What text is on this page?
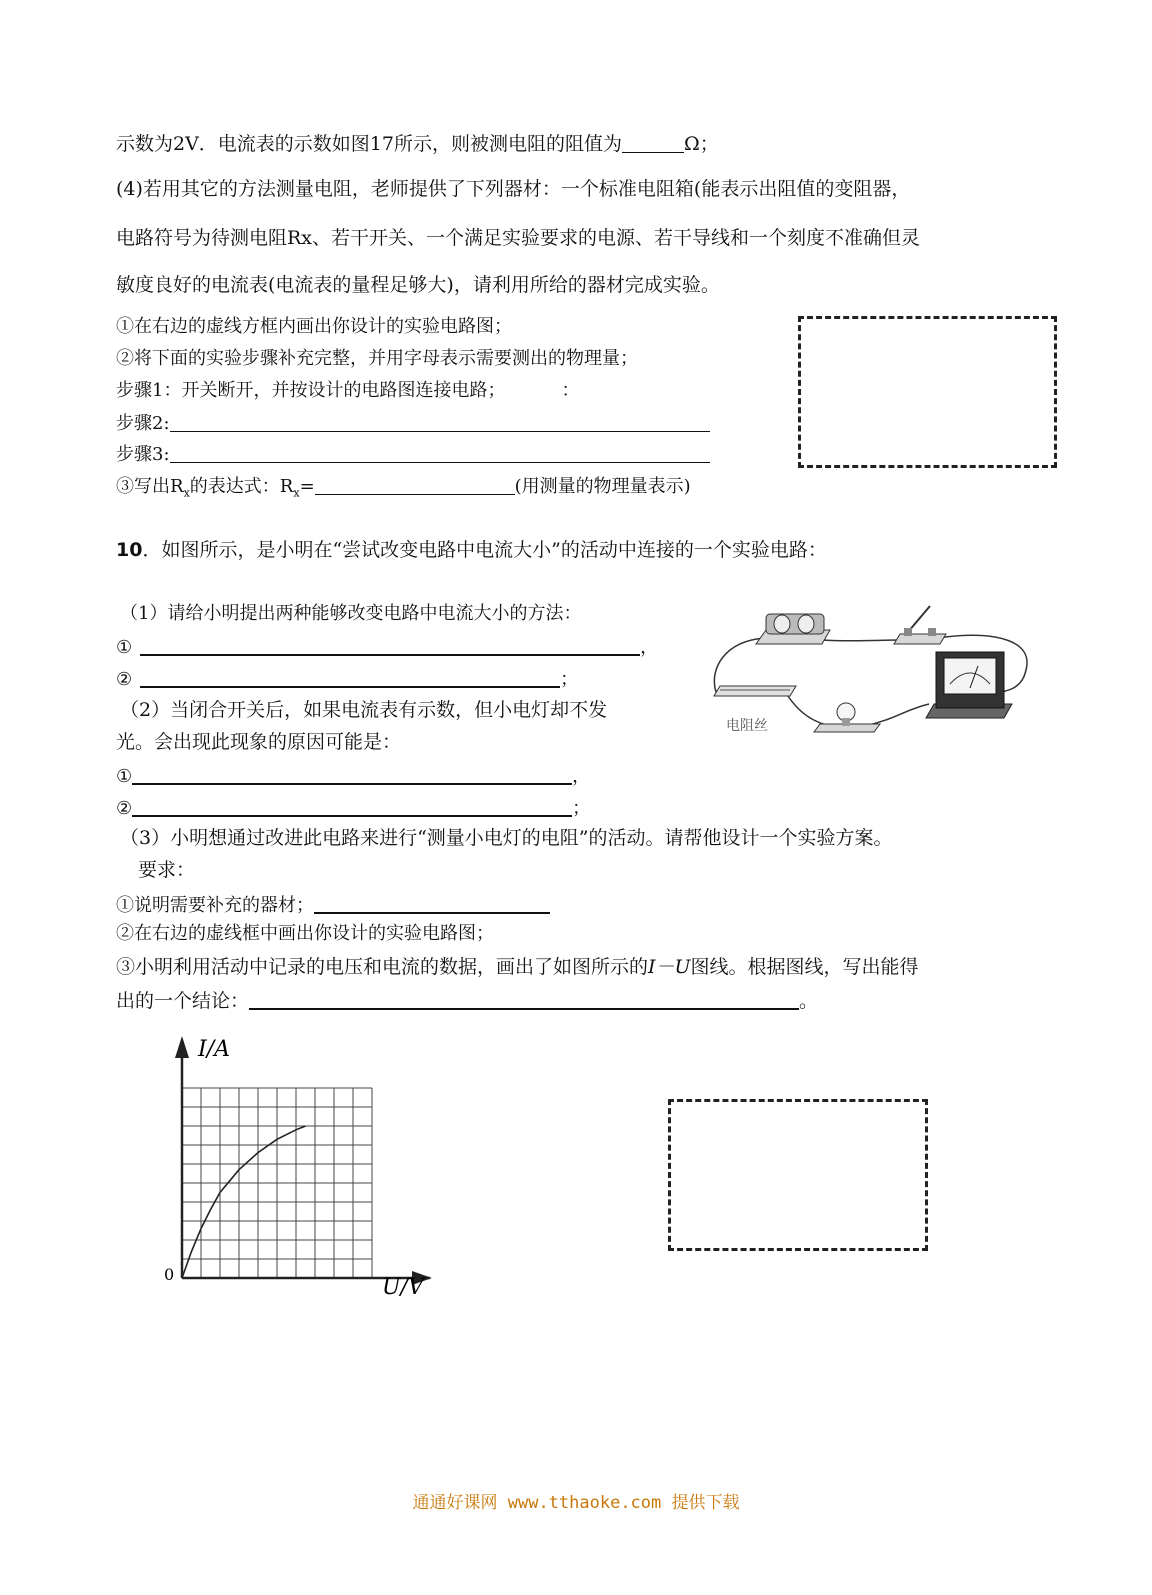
示数为2V．电流表的示数如图17所示，则被测电阻的阻值为	Ω；
(4)若用其它的方法测量电阻，老师提供了下列器材：一个标准电阻箱(能表示出阻值的变阻器，
电路符号为待测电阻Rx、若干开关、一个满足实验要求的电源、若干导线和一个刻度不准确但灵
敏度良好的电流表(电流表的量程足够大)，请利用所给的器材完成实验。
①在右边的虚线方框内画出你设计的实验电路图；
②将下面的实验步骤补充完整，并用字母表示需要测出的物理量；
步骤1：开关断开，并按设计的电路图连接电路；	：
步骤2:
步骤3:
③写出$R_x$的表达式：$R_x=$	(用测量的物理量表示)
10．如图所示，是小明在“尝试改变电路中电流大小”的活动中连接的一个实验电路：
（1）请给小明提出两种能够改变电路中电流大小的方法：
①	，
②	；
（2）当闭合开关后，如果电流表有示数，但小电灯却不发
光。会出现此现象的原因可能是：
①	，
②	；
（3）小明想通过改进此电路来进行“测量小电灯的电阻”的活动。请帮他设计一个实验方案。
要求：
①说明需要补充的器材；
②在右边的虚线框中画出你设计的实验电路图；
③小明利用活动中记录的电压和电流的数据，画出了如图所示的I－U图线。根据图线，写出能得
出的一个结论：	。
电阻丝
I/A
0
U/V
通通好课网 www.tthaoke.com 提供下载
